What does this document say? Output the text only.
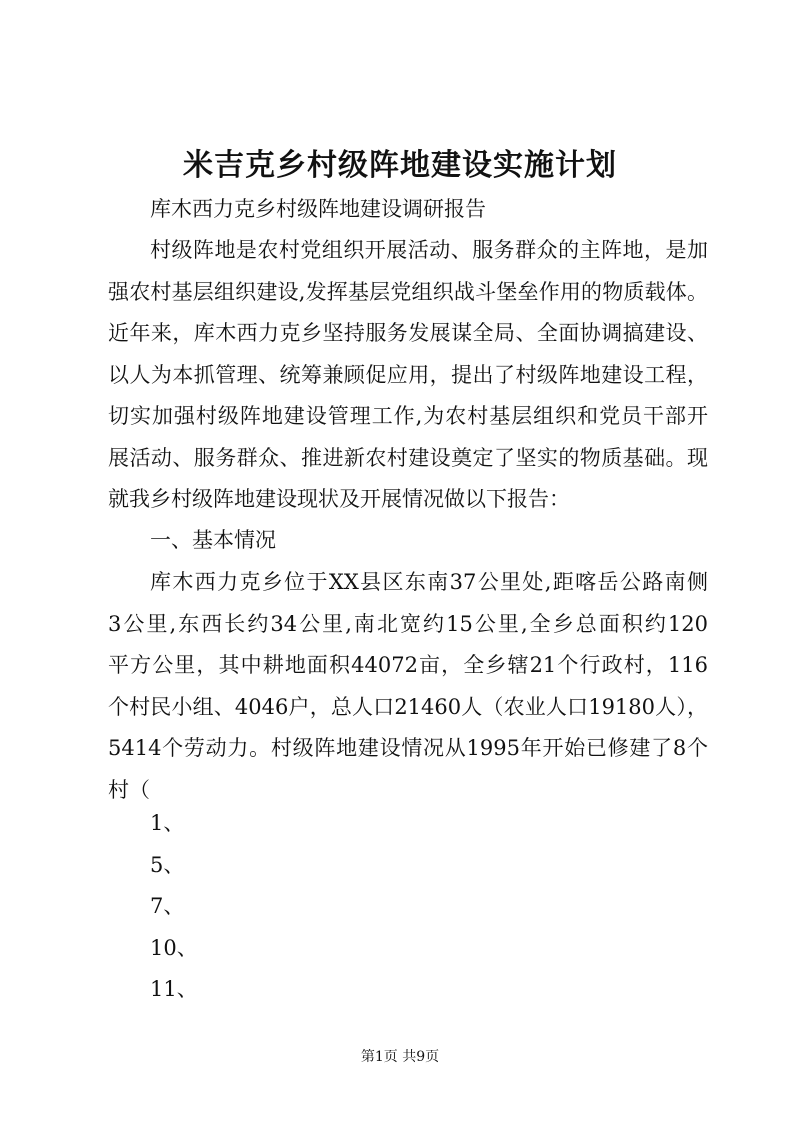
米吉克乡村级阵地建设实施计划

库木西力克乡村级阵地建设调研报告

村级阵地是农村党组织开展活动、服务群众的主阵地，是加
强农村基层组织建设,发挥基层党组织战斗堡垒作用的物质载体。
近年来，库木西力克乡坚持服务发展谋全局、全面协调搞建设、
以人为本抓管理、统筹兼顾促应用，提出了村级阵地建设工程，
切实加强村级阵地建设管理工作,为农村基层组织和党员干部开
展活动、服务群众、推进新农村建设奠定了坚实的物质基础。现
就我乡村级阵地建设现状及开展情况做以下报告：

一、基本情况

库木西力克乡位于XX县区东南37公里处,距喀岳公路南侧
3公里,东西长约34公里,南北宽约15公里,全乡总面积约120
平方公里，其中耕地面积44072亩，全乡辖21个行政村，116
个村民小组、4046户，总人口21460人（农业人口19180人），
5414个劳动力。村级阵地建设情况从1995年开始已修建了8个
村（

1、
5、
7、
10、
11、

第1页 共9页
